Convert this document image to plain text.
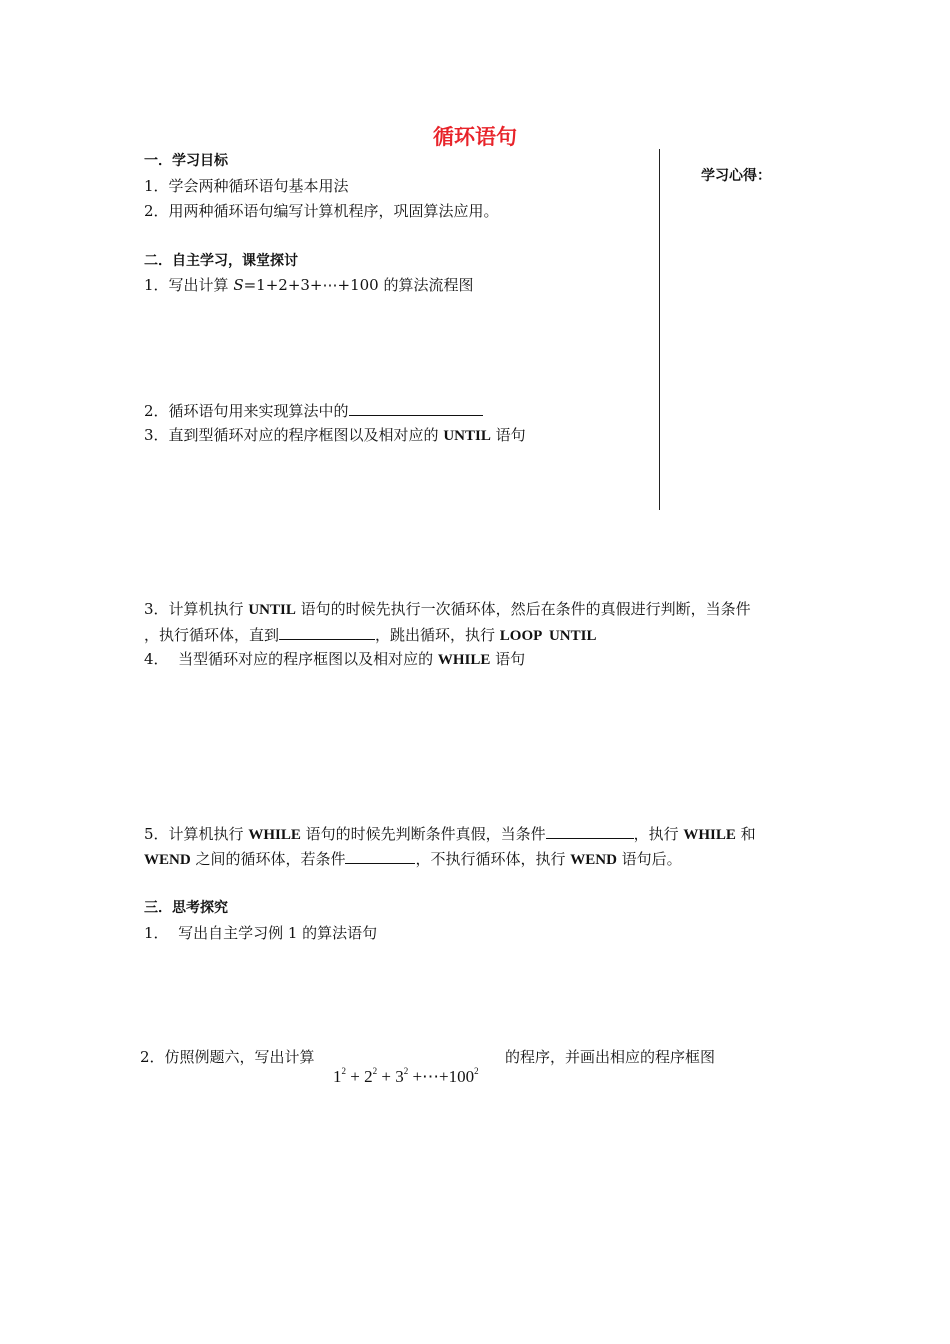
循环语句
学习心得：
一．学习目标
1．学会两种循环语句基本用法
2．用两种循环语句编写计算机程序，巩固算法应用。
二．自主学习，课堂探讨
1．写出计算 S=1+2+3+⋯+100 的算法流程图
2．循环语句用来实现算法中的
3．直到型循环对应的程序框图以及相对应的 UNTIL 语句
3．计算机执行 UNTIL 语句的时候先执行一次循环体，然后在条件的真假进行判断，当条件
，执行循环体，直到	，跳出循环，执行 LOOP  UNTIL
4．  当型循环对应的程序框图以及相对应的 WHILE 语句
5．计算机执行 WHILE 语句的时候先判断条件真假，当条件	，执行 WHILE 和
WEND 之间的循环体，若条件	，不执行循环体，执行 WEND 语句后。
三．思考探究
1．  写出自主学习例 1 的算法语句
2．仿照例题六，写出计算
$1^2 + 2^2 + 3^2$ $+\cdots+100^2$
的程序，并画出相应的程序框图
